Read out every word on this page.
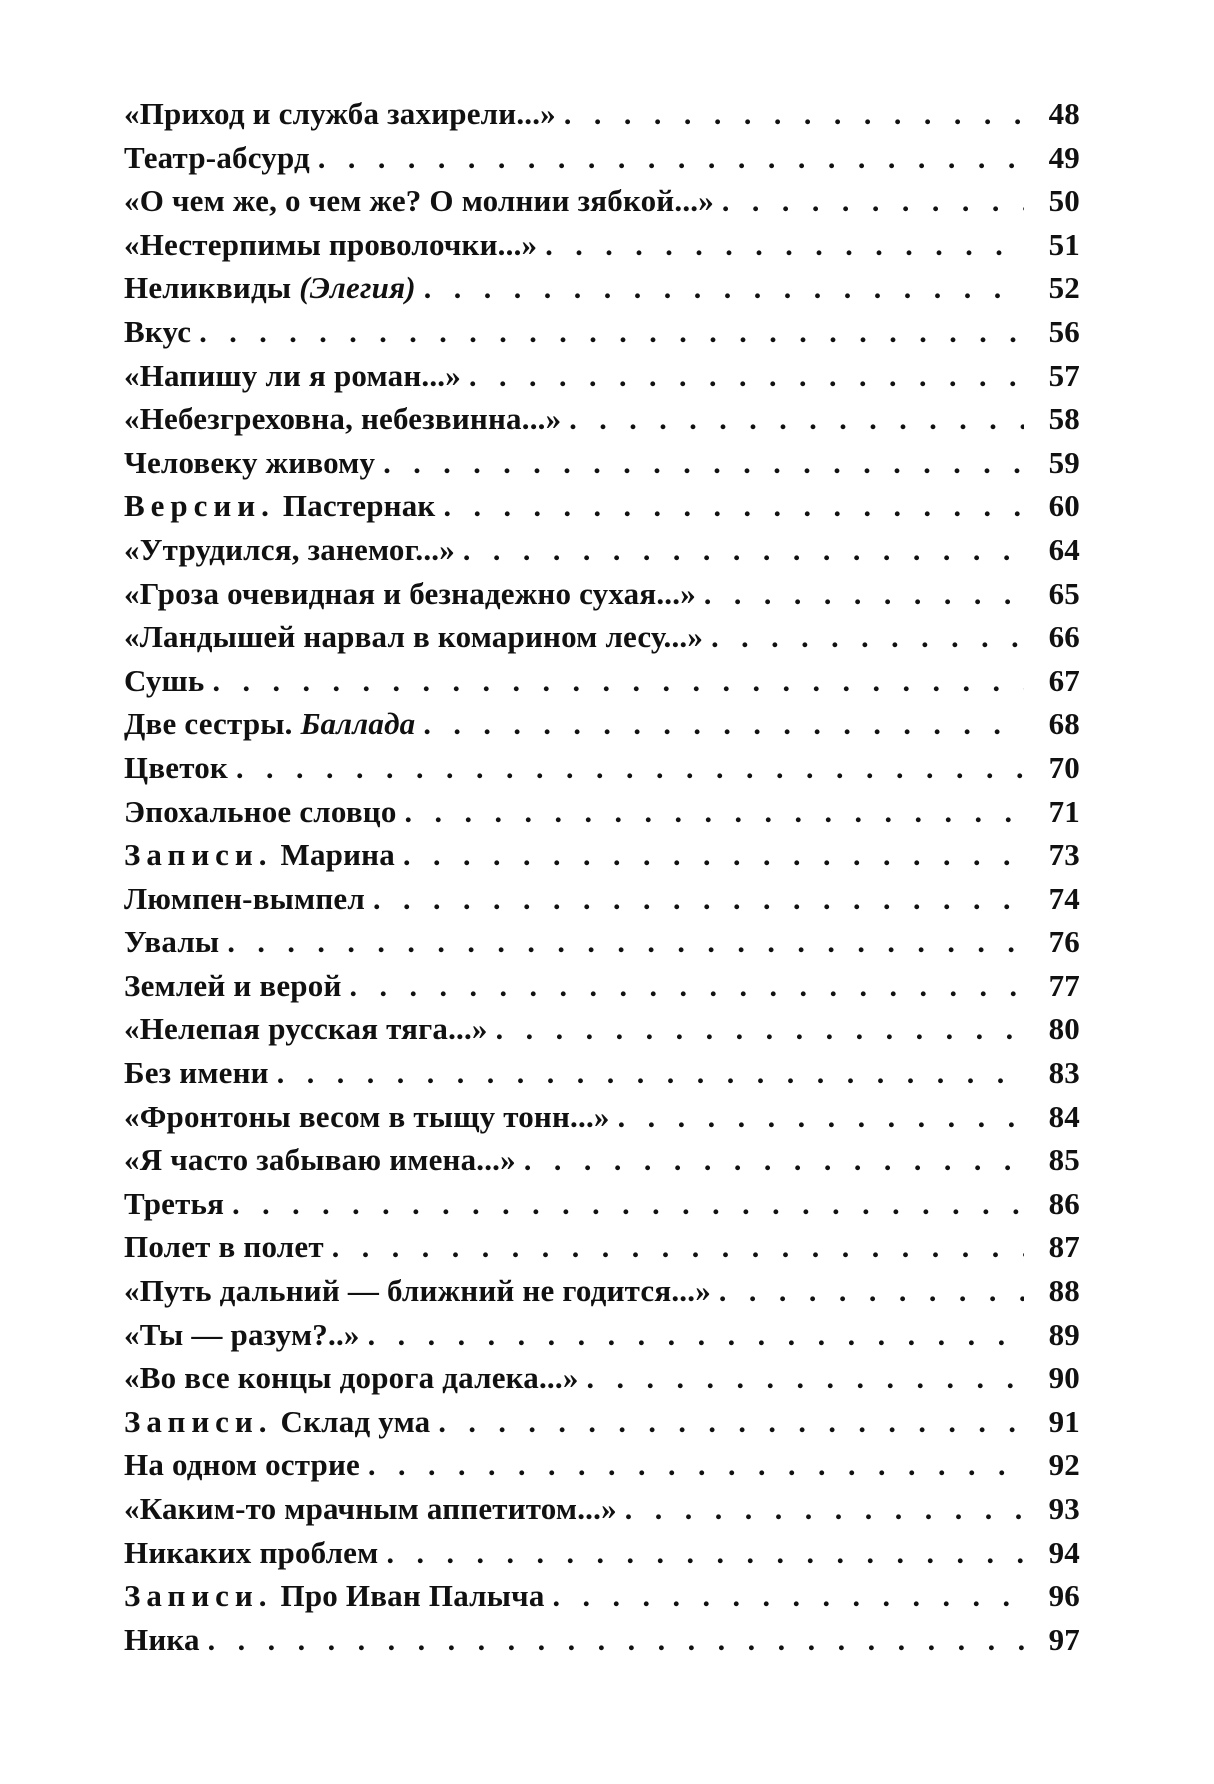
«Приход и служба захирели...» . .	48
Театр-абсурд . .	49
«О чем же, о чем же? О молнии зябкой...» . .	50
«Нестерпимы проволочки...» . .	51
Неликвиды (Элегия) . .	52
Вкус . .	56
«Напишу ли я роман...» . .	57
«Небезгреховна, небезвинна...» . .	58
Человеку живому . .	59
Версии. Пастернак . .	60
«Утрудился, занемог...» . .	64
«Гроза очевидная и безнадежно сухая...» . .	65
«Ландышей нарвал в комарином лесу...» . .	66
Сушь . .	67
Две сестры. Баллада . .	68
Цветок . .	70
Эпохальное словцо . .	71
Записи. Марина . .	73
Люмпен-вымпел . .	74
Увалы . .	76
Землей и верой . .	77
«Нелепая русская тяга...» . .	80
Без имени . .	83
«Фронтоны весом в тыщу тонн...» . .	84
«Я часто забываю имена...» . .	85
Третья . .	86
Полет в полет . .	87
«Путь дальний — ближний не годится...» . .	88
«Ты — разум?..» . .	89
«Во все концы дорога далека...» . .	90
Записи. Склад ума . .	91
На одном острие . .	92
«Каким-то мрачным аппетитом...» . .	93
Никаких проблем . .	94
Записи. Про Иван Палыча . .	96
Ника . .	97
